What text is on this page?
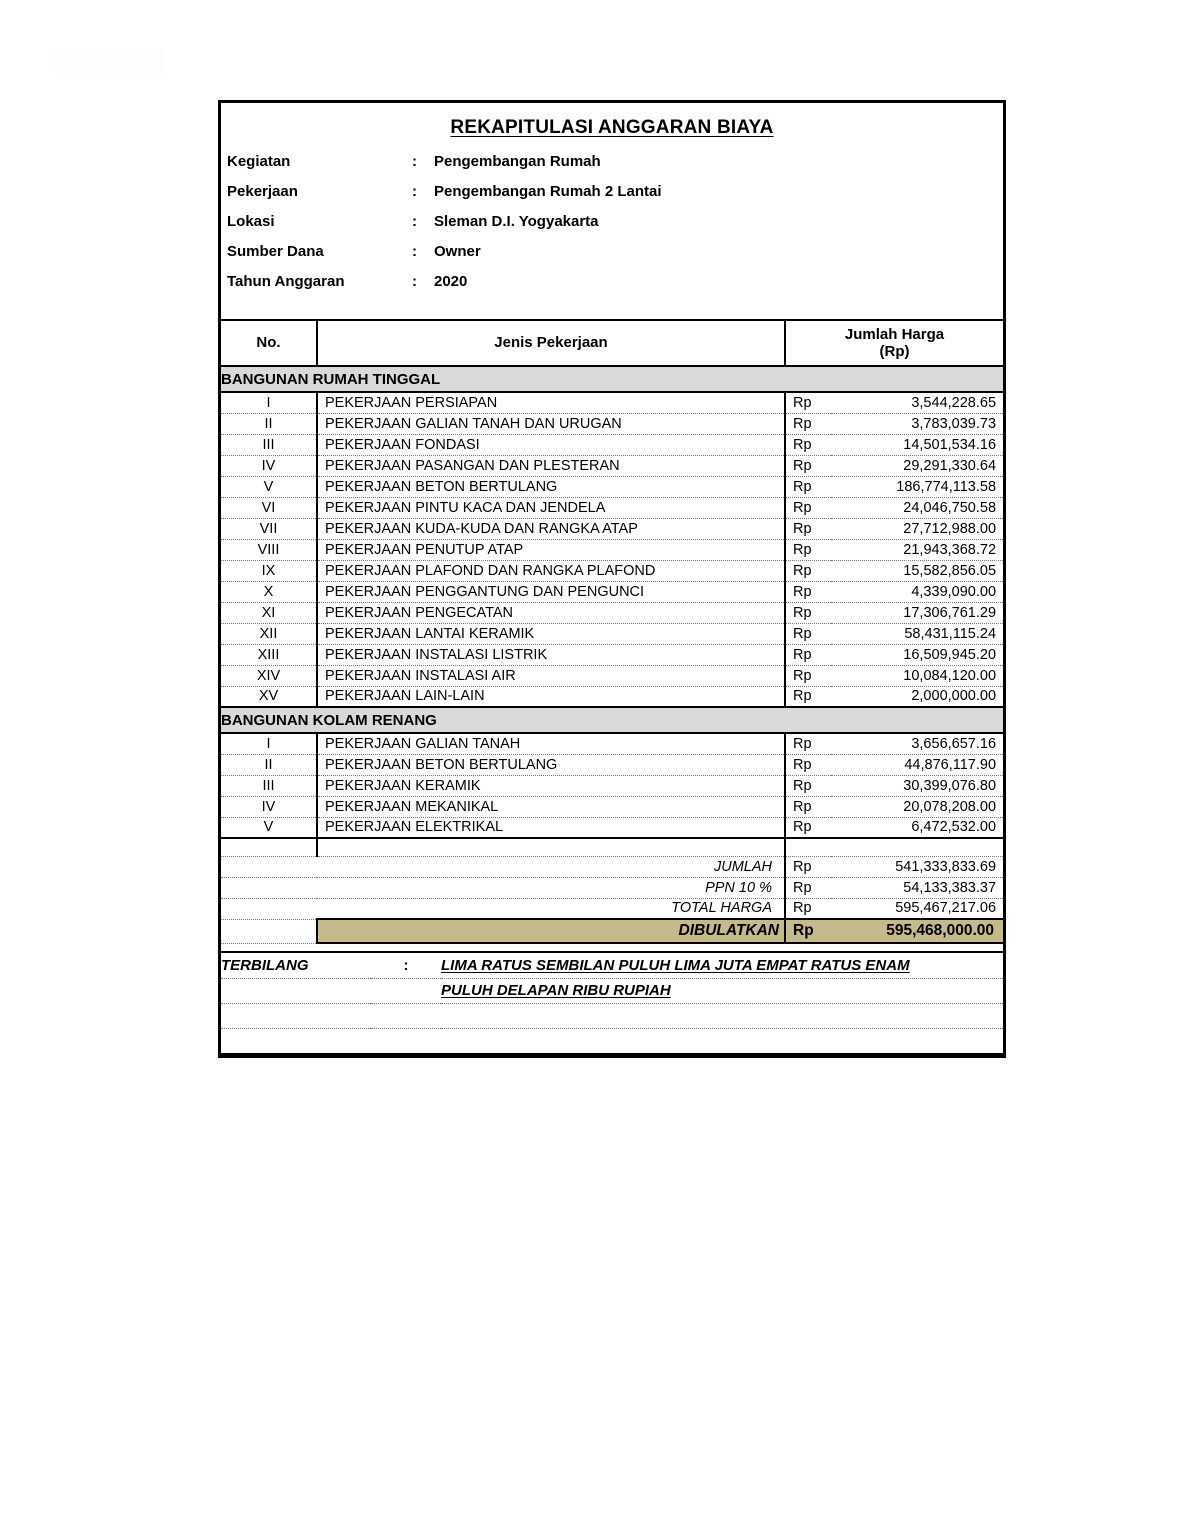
REKAPITULASI ANGGARAN BIAYA
Kegiatan	:	Pengembangan Rumah
Pekerjaan	:	Pengembangan Rumah 2 Lantai
Lokasi	:	Sleman D.I. Yogyakarta
Sumber Dana	:	Owner
Tahun Anggaran	:	2020
No.	Jenis Pekerjaan	Jumlah Harga
(Rp)	

BANGUNAN RUMAH TINGGAL			
I	PEKERJAAN PERSIAPAN	Rp	3,544,228.65
II	PEKERJAAN GALIAN TANAH DAN URUGAN	Rp	3,783,039.73
III	PEKERJAAN FONDASI	Rp	14,501,534.16
IV	PEKERJAAN PASANGAN DAN PLESTERAN	Rp	29,291,330.64
V	PEKERJAAN BETON BERTULANG	Rp	186,774,113.58
VI	PEKERJAAN PINTU KACA DAN JENDELA	Rp	24,046,750.58
VII	PEKERJAAN KUDA-KUDA DAN RANGKA ATAP	Rp	27,712,988.00
VIII	PEKERJAAN PENUTUP ATAP	Rp	21,943,368.72
IX	PEKERJAAN PLAFOND DAN RANGKA PLAFOND	Rp	15,582,856.05
X	PEKERJAAN PENGGANTUNG DAN PENGUNCI	Rp	4,339,090.00
XI	PEKERJAAN PENGECATAN	Rp	17,306,761.29
XII	PEKERJAAN LANTAI KERAMIK	Rp	58,431,115.24
XIII	PEKERJAAN INSTALASI LISTRIK	Rp	16,509,945.20
XIV	PEKERJAAN INSTALASI AIR	Rp	10,084,120.00
XV	PEKERJAAN LAIN-LAIN	Rp	2,000,000.00
BANGUNAN KOLAM RENANG			
I	PEKERJAAN GALIAN TANAH	Rp	3,656,657.16
II	PEKERJAAN BETON BERTULANG	Rp	44,876,117.90
III	PEKERJAAN KERAMIK	Rp	30,399,076.80
IV	PEKERJAAN MEKANIKAL	Rp	20,078,208.00
V	PEKERJAAN ELEKTRIKAL	Rp	6,472,532.00

	JUMLAH	Rp	541,333,833.69
	PPN 10 %	Rp	54,133,383.37
	TOTAL HARGA	Rp	595,467,217.06
	DIBULATKAN	Rp	595,468,000.00
TERBILANG	:	LIMA RATUS SEMBILAN PULUH LIMA JUTA EMPAT RATUS ENAM
		PULUH DELAPAN RIBU RUPIAH
